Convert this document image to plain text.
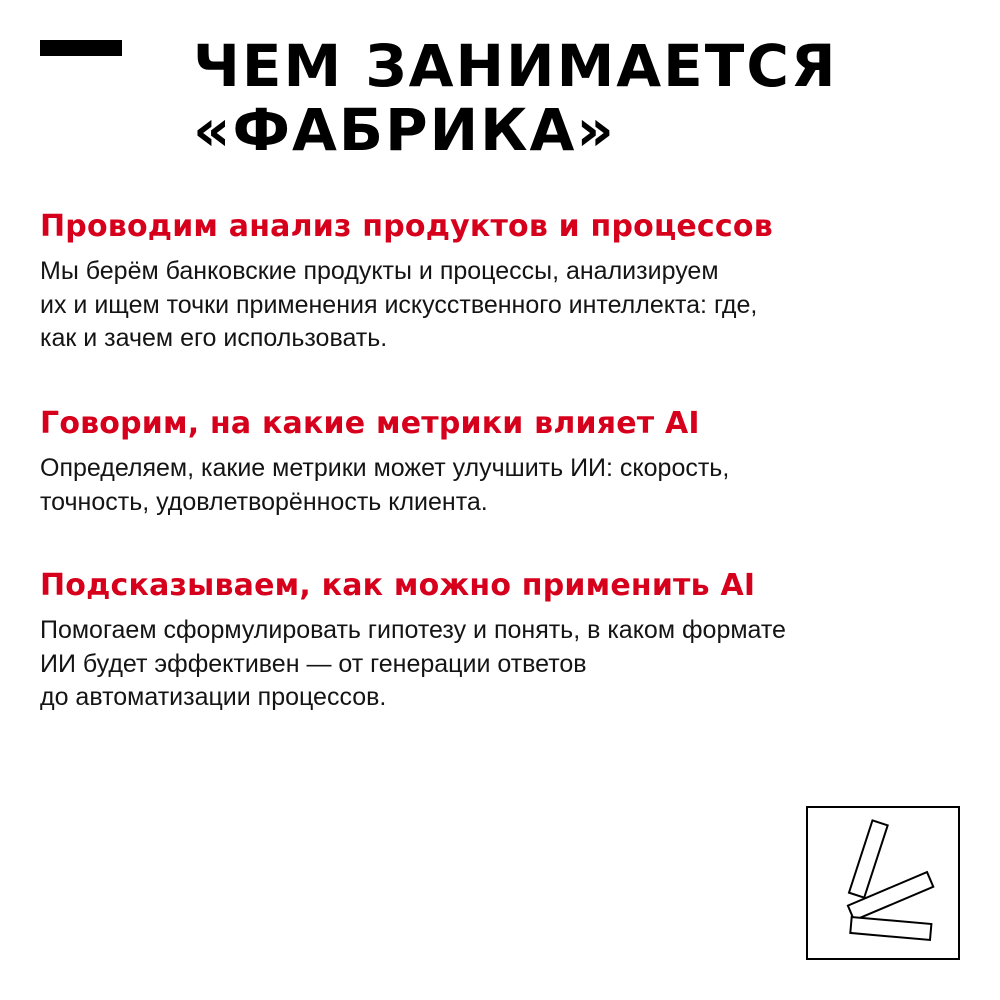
ЧЕМ ЗАНИМАЕТСЯ
«ФАБРИКА»
Проводим анализ продуктов и процессов
Мы берём банковские продукты и процессы, анализируем
их и ищем точки применения искусственного интеллекта: где,
как и зачем его использовать.
Говорим, на какие метрики влияет AI
Определяем, какие метрики может улучшить ИИ: скорость,
точность, удовлетворённость клиента.
Подсказываем, как можно применить AI
Помогаем сформулировать гипотезу и понять, в каком формате
ИИ будет эффективен — от генерации ответов
до автоматизации процессов.
